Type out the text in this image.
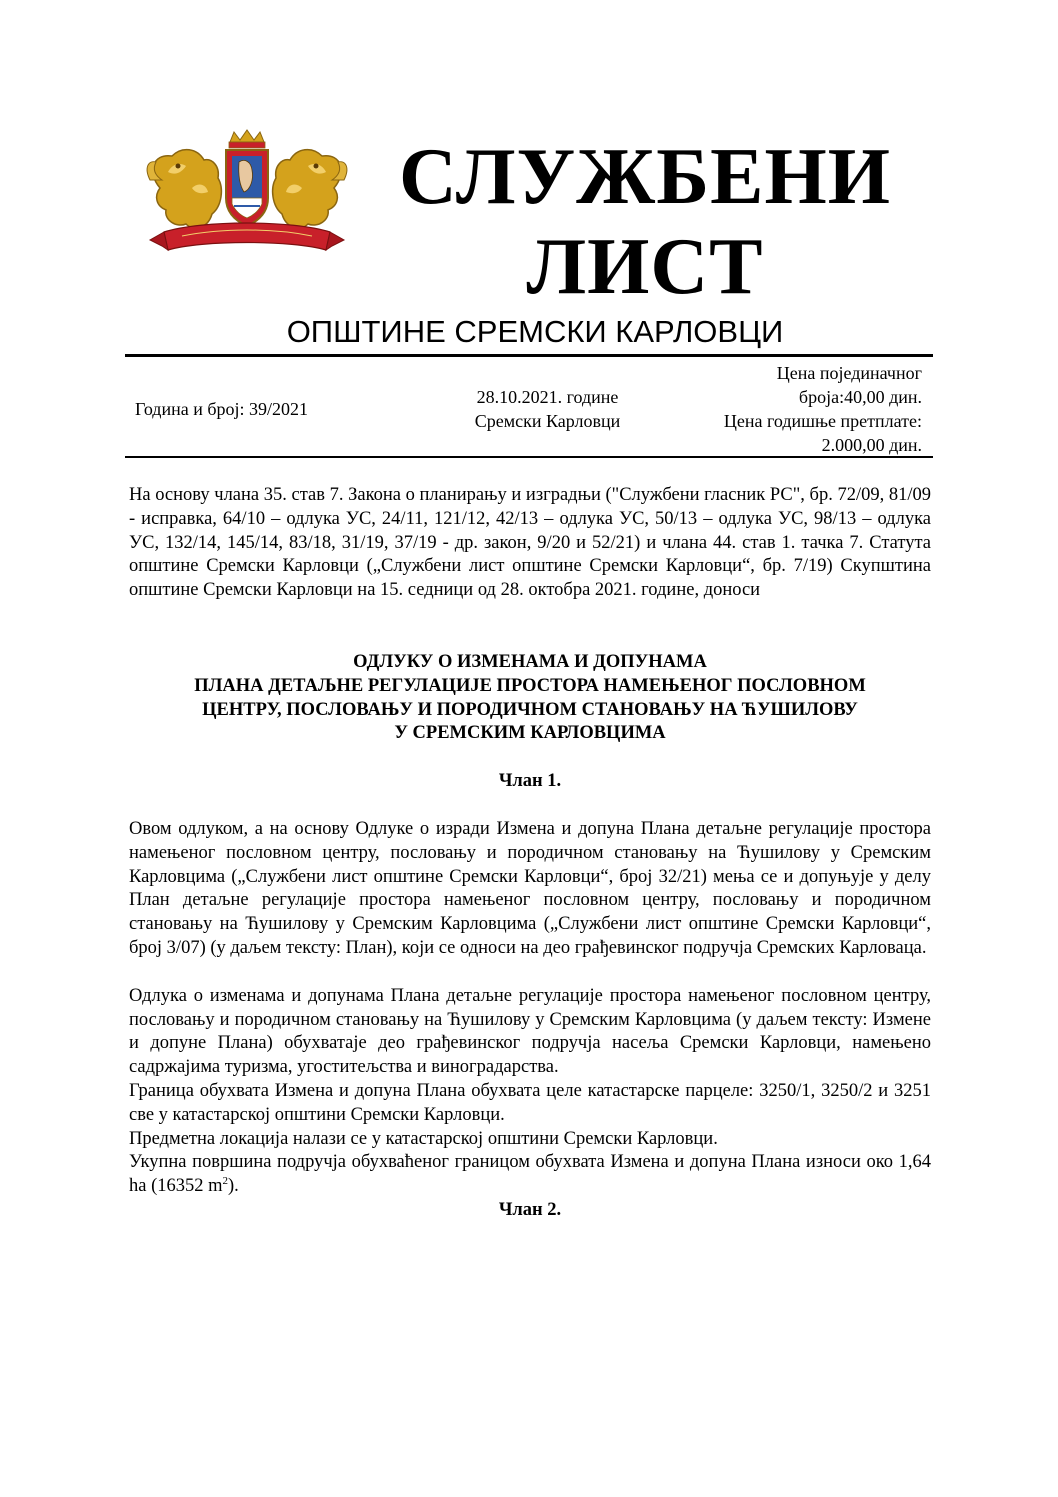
СЛУЖБЕНИ
ЛИСТ
ОПШТИНЕ СРЕМСКИ КАРЛОВЦИ
Година и број: 39/2021
28.10.2021. године
Сремски Карловци
Цена појединачног
броја:40,00 дин.
Цена годишње претплате:
2.000,00 дин.

На основу члана 35. став 7. Закона о планирању и изградњи ("Службени гласник РС", бр. 72/09, 81/09 - исправка, 64/10 – одлука УС, 24/11, 121/12, 42/13 – одлука УС, 50/13 – одлука УС, 98/13 – одлука УС, 132/14, 145/14, 83/18, 31/19, 37/19 - др. закон, 9/20 и 52/21) и члана 44. став 1. тачка 7. Статута општине Сремски Карловци („Службени лист општине Сремски Карловци“, бр. 7/19) Скупштина општине Сремски Карловци на 15. седници од 28. октобра 2021. године, доноси

ОДЛУКУ О ИЗМЕНАМА И ДОПУНАМА
ПЛАНА ДЕТАЉНЕ РЕГУЛАЦИЈЕ ПРОСТОРА НАМЕЊЕНОГ ПОСЛОВНОМ
ЦЕНТРУ, ПОСЛОВАЊУ И ПОРОДИЧНОМ СТАНОВАЊУ НА ЋУШИЛОВУ
У СРЕМСКИМ КАРЛОВЦИМА
Члан 1.

Овом одлуком, а на основу Одлуке о изради Измена и допуна Плана детаљне регулације простора намењеног пословном центру, пословању и породичном становању на Ћушилову у Сремским Карловцима („Службени лист општине Сремски Карловци“, број 32/21) мења се и допуњује у делу План детаљне регулације простора намењеног пословном центру, пословању и породичном становању на Ћушилову у Сремским Карловцима („Службени лист општине Сремски Карловци“, број 3/07) (у даљем тексту: План), који се односи на део грађевинског подручја Сремских Карловаца.

Одлука о изменама и допунама Плана детаљне регулације простора намењеног пословном центру, пословању и породичном становању на Ћушилову у Сремским Карловцима (у даљем тексту: Измене и допуне Плана) обухватаје део грађевинског подручја насеља Сремски Карловци, намењено садржајима туризма, угоститељства и виноградарства.

Граница обухвата Измена и допуна Плана обухвата целе катастарске парцеле: 3250/1, 3250/2 и 3251 све у катастарској општини Сремски Карловци.

Предметна локација налази се у катастарској општини Сремски Карловци.

Укупна површина подручја обухваћеног границом обухвата Измена и допуна Плана износи око 1,64 ha (16352 $m^2$).

Члан 2.
